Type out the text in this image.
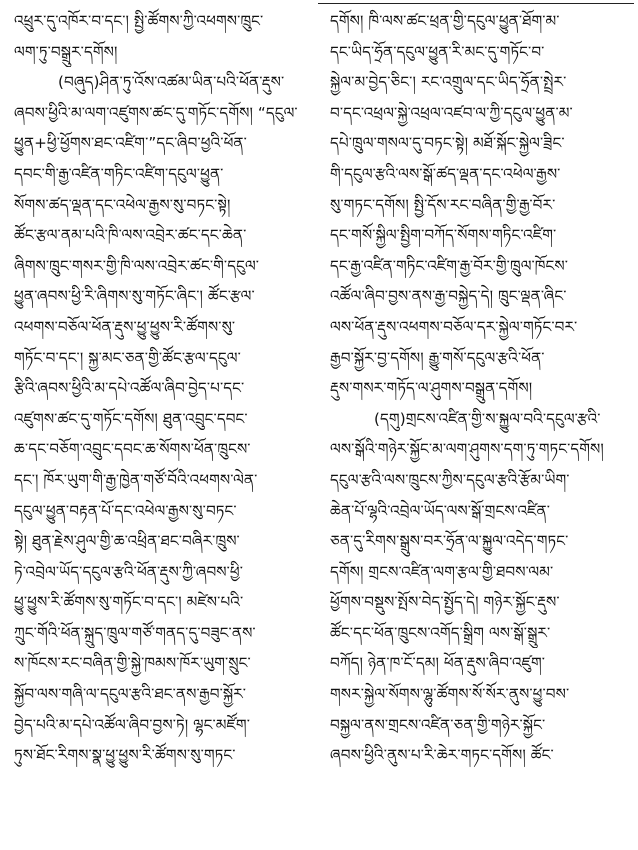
འཕྲུར་དུ་འཁོར་བ་དང་། སྤྱི་ཚོགས་ཀྱི་འཕགས་ཁྲུང་
ལག་ཏུ་བསྒྲུར་དགོས།
(བཞུད)ཤིན་ཏུ་འོས་འཚམ་ཡིན་པའི་ཕོན་རྡུས་
ཞབས་ཕྱིའི་མ་ལག་འཛུགས་ཚང་དུ་གཏོང་དགོས། “དངུལ་
ཕྱུན+ཕྱི་ཕྱོགས་ཐང་འཛིག་”དང་ཞིབ་ཕྱའི་ཕོན་
དབང་གི་རྒྱ་འཛིན་གཏིང་འཛིག་དངུལ་ཕྱུན་
སོགས་ཚད་ལྡན་དང་འཕེལ་རྒྱས་སུ་བཏང་སྟེ།
ཚོང་རྩལ་ནམ་པའི་ཁི་ལས་འབྲེར་ཚང་དང་ཆེན་
ཞིགས་ཁྲུང་གསར་གྱི་ཁི་ལས་འབྲེར་ཚང་གི་དངུལ་
ཕྱུན་ཞབས་ཕྱི་རི་ཞིགས་སུ་གཏོང་ཞིང་། ཚོང་རྩལ་
འཕགས་བཅོལ་ཕོན་རྡུས་ཕྱུ་ཕྱུས་རི་ཚོགས་སུ་
གཏོང་བ་དང་། སྐྱ་མང་ཅན་གྱི་ཚོང་རྩལ་དངུལ་
རྩིའི་ཞབས་ཕྱིའི་མ་དཔེ་འཚོལ་ཞིབ་བྱེད་པ་དང་
འཛུགས་ཚང་དུ་གཏོང་དགོས། ཐུན་འབྲུང་དབང་
ཆ་དང་བཅོག་འབྲུང་དབང་ཆ་སོགས་ཕོན་ཁྲུངས་
དང་། ཁོར་ཡུག་གི་རྒྱ་ཁྱེན་གཙོ་བོའི་འཕགས་ལེན་
དངུལ་ཕྱུན་བརྟན་པོ་དང་འཕེལ་རྒྱས་སུ་བཏང་
སྟེ། ཐུན་རྗེས་ཤུལ་གྱི་ཆ་འཕྲིན་ཐང་བཞིར་ཁྲུས་
ཏེ་འབྲེལ་ཡོད་དངུལ་རྩའི་ཕོན་རྡུས་ཀྱི་ཞབས་ཕྱི་
ཕྱུ་ཕྱུས་རི་ཚོགས་སུ་གཏོང་བ་དང་། མཛེས་པའི་
ཀྲུང་གོའི་ཕོན་སྐྲུད་ཁྲུལ་གཙོ་གནད་དུ་བཟུང་ནས་
ས་ཁོངས་རང་བཞིན་གྱི་སྐྱེ་ཁམས་ཁོར་ཡུག་སྲུང་
སྐྱོབ་ལས་གཞི་ལ་དངུལ་རྩའི་ཐང་ནས་རྒྱབ་སྐྱོར་
བྱེད་པའི་མ་དཔེ་འཚོལ་ཞིབ་བྱས་ཏེ། ལྷང་མཛོག་
ཏུས་ཐོང་རིགས་སྣ་ཕྱུ་ཕྱུས་རི་ཚོགས་སུ་གཏང་
དགོས། ཁི་ལས་ཚང་ཕྲན་གྱི་དངུལ་ཕྱུན་ཐོག་མ་
དང་ཡིད་ཧྲོན་དངུལ་ཕྱུན་རི་མང་དུ་གཏོང་བ་
སྐྱེལ་མ་བྱེད་ཅིང་། རང་འགྲུལ་དང་ཡིད་ཧྲོན་སྤྲེར་
བ་དང་འཕྲལ་སྐྱེ་འཕྲལ་འཛབ་ལ་ཀྱི་དངུལ་ཕྱུན་མ་
དཔེ་ཁྲུལ་གསལ་དུ་བཏང་སྟེ། མཐོ་སྐོང་སྐྱེལ་ཟྲིང་
གི་དངུལ་རྩའི་ལས་སྒོ་ཚད་ལྡན་དང་འཕེལ་རྒྱས་
སུ་གཏང་དགོས། སྤྱི་དོས་རང་བཞིན་གྱི་རྒྱ་བོར་
དང་གསོ་སྐྱིལ་སྤྱིག་བཀོད་སོགས་གཏིང་འཛིག་
དང་རྒྱ་འཛིན་གཏིང་འཛིག་རྒྱ་བོར་གྱི་ཁྲུལ་ཁོངས་
འཚོལ་ཞིབ་བྱས་ནས་རྒྱ་བསྐྱེད་དེ། ཁྲུང་ལྡན་ཞིང་
ལས་ཕོན་རྡུས་འཕགས་བཅོལ་དར་སྐྱེལ་གཏོང་བར་
རྒྱབ་སྐྱོར་བྱ་དགོས། རྒྱུ་གསོ་དངུལ་རྩའི་ཕོན་
རྡུས་གསར་གཏོད་ལ་ཤུགས་བསྒྲུན་དགོས།
(དགུ)གྲངས་འཛིན་གྱི་ས་སྐྱུལ་བའི་དངུལ་རྩའི་
ལས་སྒོའི་གཉེར་སྐྱོང་མ་ལག་ཤུགས་དག་ཏུ་གཏང་དགོས།
དངུལ་རྩའི་ལས་ཁྲུངས་ཀྱིས་དངུལ་རྩའི་རྩོམ་ཡིག་
ཆེན་པོ་ལྷའི་འབྲེལ་ཡོད་ལས་སྒོ་གྲངས་འཛིན་
ཅན་དུ་རིགས་སྒྲུས་བར་ཧྲོན་ལ་སྐྱུལ་འདེད་གཏང་
དགོས། གྲངས་འཛིན་ལག་རྩལ་གྱི་ཐབས་ལམ་
ཕྱོགས་བསྡུས་སྤོས་བེད་སྤྱོད་དེ། གཉེར་སྐྱོང་རྡུས་
ཚོང་དང་ཕོན་ཁྲུངས་འགོད་སྒྲིག ལས་སྒོ་སྒྲུར་
བཀོད། ཉེན་ཁ་ངོ་དམ། ཕོན་རྡུས་ཞིབ་འཛུག་
གསར་སྐྱེལ་སོགས་ལྷུ་ཚོགས་སོ་སོར་ནུས་ཕྱུ་བས་
བསྐྱལ་ནས་གྲངས་འཛིན་ཅན་གྱི་གཉེར་སྐྱོང་
ཞབས་ཕྱིའི་ནུས་པ་རི་ཆེར་གཏང་དགོས། ཚོང་
